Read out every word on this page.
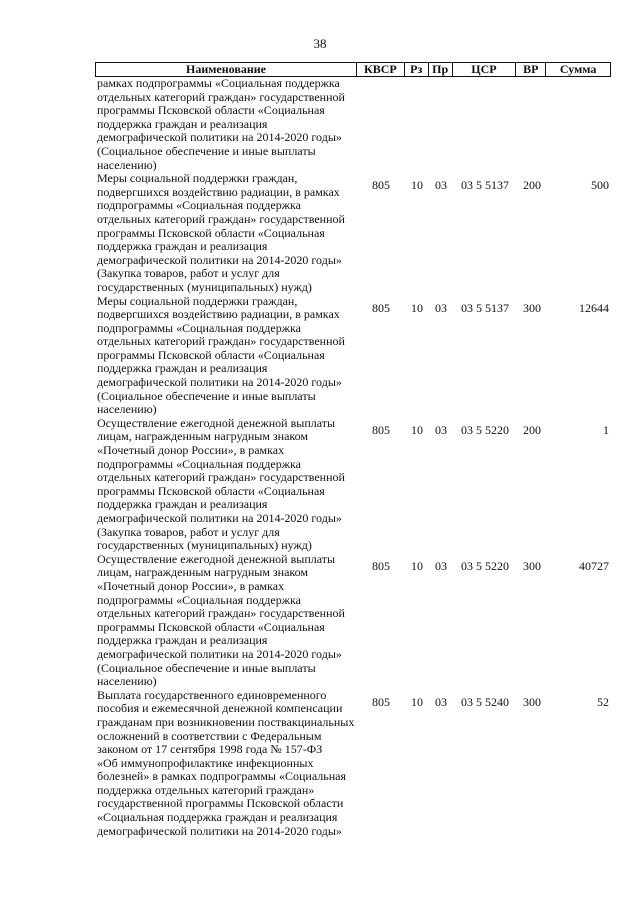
38
Наименование	КВСР	Рз Пр	ЦСР	ВР	Сумма
рамках подпрограммы «Социальная поддержка
отдельных категорий граждан» государственной
программы Псковской области «Социальная
поддержка граждан и реализация
демографической политики на 2014-2020 годы»
(Социальное обеспечение и иные выплаты
населению)
Меры социальной поддержки граждан,
подвергшихся воздействию радиации, в рамках
подпрограммы «Социальная поддержка
отдельных категорий граждан» государственной
программы Псковской области «Социальная
поддержка граждан и реализация
демографической политики на 2014-2020 годы»
(Закупка товаров, работ и услуг для
государственных (муниципальных) нужд)
805	10	03	03 5 5137	200	500
Меры социальной поддержки граждан,
подвергшихся воздействию радиации, в рамках
подпрограммы «Социальная поддержка
отдельных категорий граждан» государственной
программы Псковской области «Социальная
поддержка граждан и реализация
демографической политики на 2014-2020 годы»
(Социальное обеспечение и иные выплаты
населению)
805	10	03	03 5 5137	300	12644
Осуществление ежегодной денежной выплаты
лицам, награжденным нагрудным знаком
«Почетный донор России», в рамках
подпрограммы «Социальная поддержка
отдельных категорий граждан» государственной
программы Псковской области «Социальная
поддержка граждан и реализация
демографической политики на 2014-2020 годы»
(Закупка товаров, работ и услуг для
государственных (муниципальных) нужд)
805	10	03	03 5 5220	200	1
Осуществление ежегодной денежной выплаты
лицам, награжденным нагрудным знаком
«Почетный донор России», в рамках
подпрограммы «Социальная поддержка
отдельных категорий граждан» государственной
программы Псковской области «Социальная
поддержка граждан и реализация
демографической политики на 2014-2020 годы»
(Социальное обеспечение и иные выплаты
населению)
805	10	03	03 5 5220	300	40727
Выплата государственного единовременного
пособия и ежемесячной денежной компенсации
гражданам при возникновении поствакцинальных
осложнений в соответствии с Федеральным
законом от 17 сентября 1998 года № 157-ФЗ
«Об иммунопрофилактике инфекционных
болезней» в рамках подпрограммы «Социальная
поддержка отдельных категорий граждан»
государственной программы Псковской области
«Социальная поддержка граждан и реализация
демографической политики на 2014-2020 годы»
805	10	03	03 5 5240	300	52
